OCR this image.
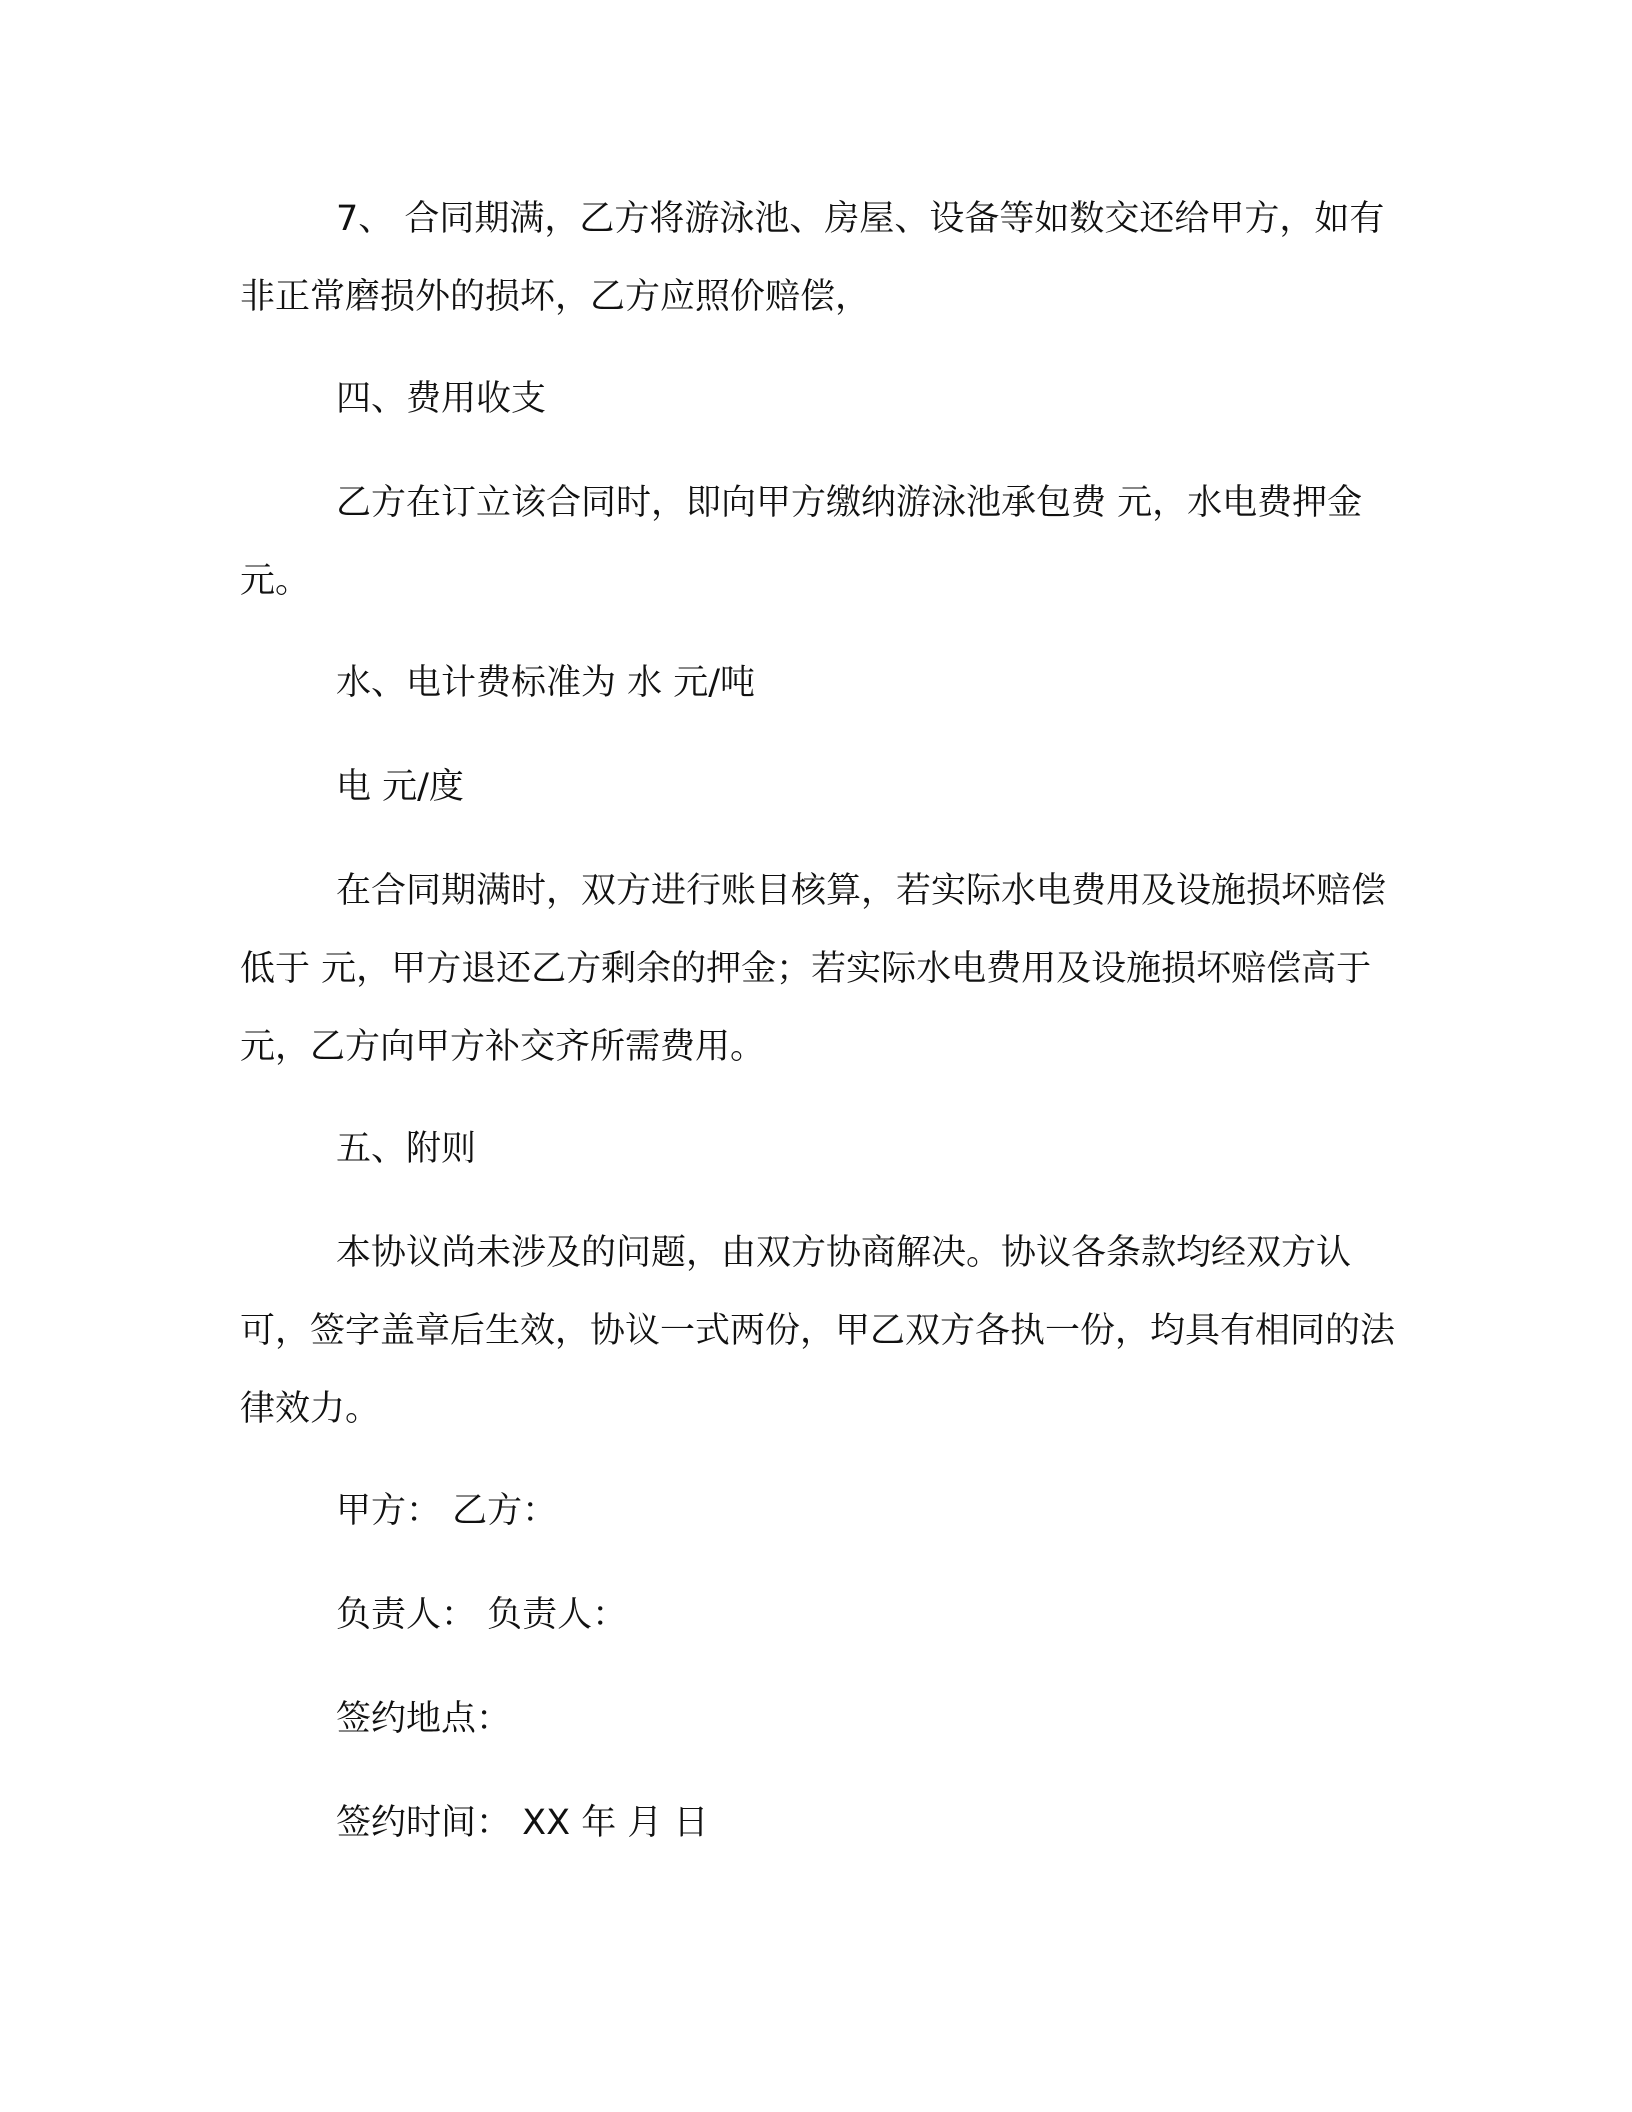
7、 合同期满，乙方将游泳池、房屋、设备等如数交还给甲方，如有非正常磨损外的损坏，乙方应照价赔偿，

四、费用收支

乙方在订立该合同时，即向甲方缴纳游泳池承包费 元，水电费押金 元。

水、电计费标准为 水 元/吨

电 元/度

在合同期满时，双方进行账目核算，若实际水电费用及设施损坏赔偿低于 元，甲方退还乙方剩余的押金；若实际水电费用及设施损坏赔偿高于 元，乙方向甲方补交齐所需费用。

五、附则

本协议尚未涉及的问题，由双方协商解决。协议各条款均经双方认可，签字盖章后生效，协议一式两份，甲乙双方各执一份，均具有相同的法律效力。

甲方： 乙方：

负责人： 负责人：

签约地点：

签约时间： XX 年 月 日
